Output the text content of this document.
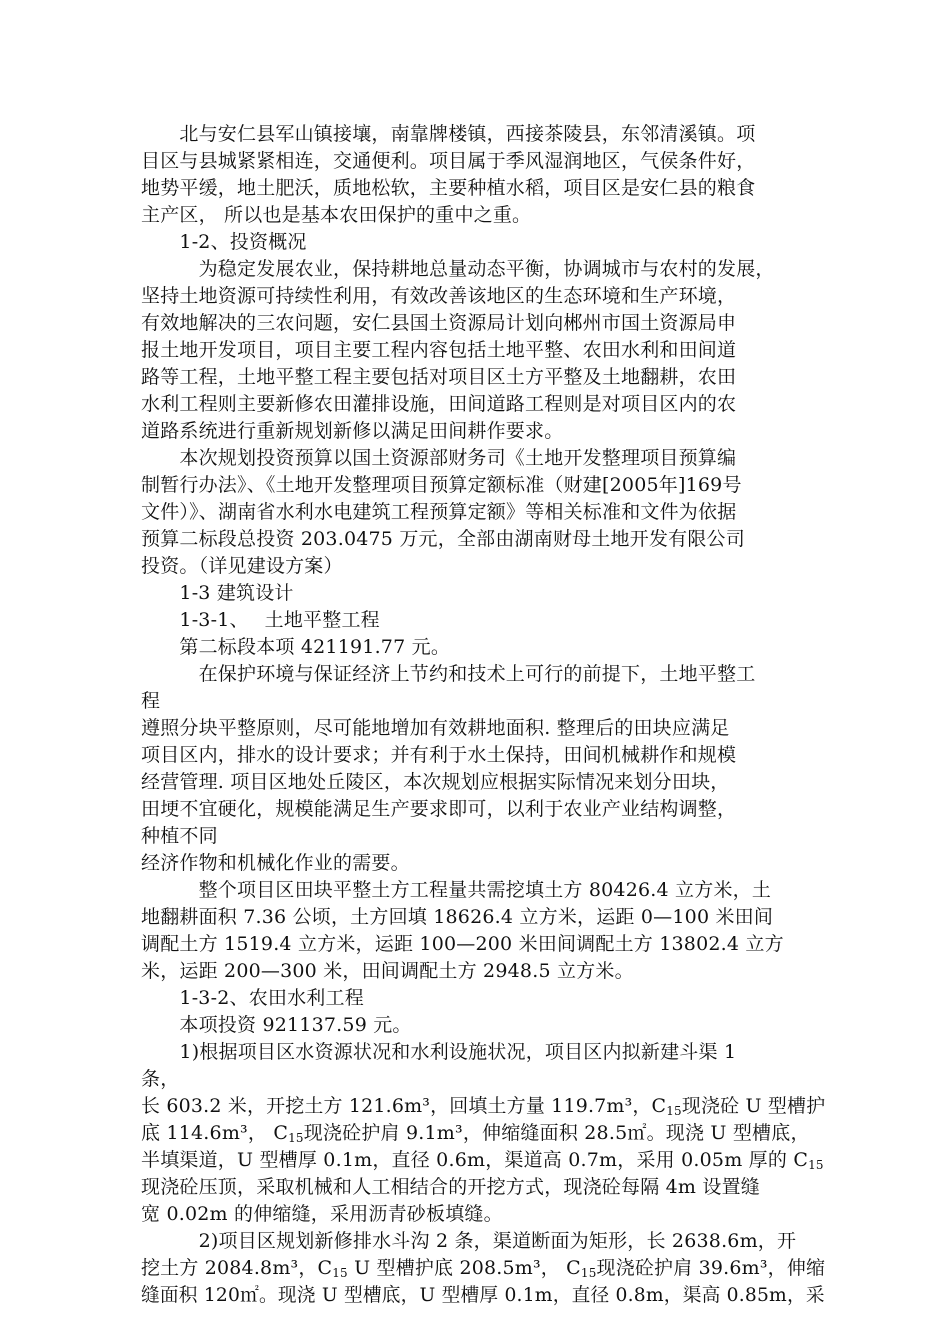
　　北与安仁县军山镇接壤，南靠牌楼镇，西接茶陵县，东邻清溪镇。项
目区与县城紧紧相连，交通便利。项目属于季风湿润地区，气侯条件好，
地势平缓，地土肥沃，质地松软，主要种植水稻，项目区是安仁县的粮食
主产区， 所以也是基本农田保护的重中之重。
　　1-2、投资概况
　　　为稳定发展农业，保持耕地总量动态平衡，协调城市与农村的发展，
坚持土地资源可持续性利用，有效改善该地区的生态环境和生产环境，
有效地解决的三农问题，安仁县国土资源局计划向郴州市国土资源局申
报土地开发项目，项目主要工程内容包括土地平整、农田水利和田间道
路等工程，土地平整工程主要包括对项目区土方平整及土地翻耕，农田
水利工程则主要新修农田灌排设施，田间道路工程则是对项目区内的农
道路系统进行重新规划新修以满足田间耕作要求。
　　本次规划投资预算以国土资源部财务司《土地开发整理项目预算编
制暂行办法》、《土地开发整理项目预算定额标准（财建[2005年]169号
文件）》、湖南省水利水电建筑工程预算定额》等相关标准和文件为依据
预算二标段总投资 203.0475 万元，全部由湖南财母土地开发有限公司
投资。（详见建设方案）
　　1-3 建筑设计
　　1-3-1、　 土地平整工程
　　第二标段本项 421191.77 元。
　　　在保护环境与保证经济上节约和技术上可行的前提下，土地平整工
程
遵照分块平整原则，尽可能地增加有效耕地面积. 整理后的田块应满足
项目区内，排水的设计要求；并有利于水土保持，田间机械耕作和规模
经营管理. 项目区地处丘陵区，本次规划应根据实际情况来划分田块，
田埂不宜硬化，规模能满足生产要求即可，以利于农业产业结构调整，
种植不同
经济作物和机械化作业的需要。
　　　整个项目区田块平整土方工程量共需挖填土方 80426.4 立方米，土
地翻耕面积 7.36 公顷，土方回填 18626.4 立方米，运距 0—100 米田间
调配土方 1519.4 立方米，运距 100—200 米田间调配土方 13802.4 立方
米，运距 200—300 米，田间调配土方 2948.5 立方米。
　　1-3-2、农田水利工程
　　本项投资 921137.59 元。
　　1)根据项目区水资源状况和水利设施状况，项目区内拟新建斗渠 1
条，
长 603.2 米，开挖土方 121.6m³，回填土方量 119.7m³，$C_{15}$现浇砼 U 型槽护
底 114.6m³， $C_{15}$现浇砼护肩 9.1m³，伸缩缝面积 28.5㎡。现浇 U 型槽底，
半填渠道，U 型槽厚 0.1m，直径 0.6m，渠道高 0.7m，采用 0.05m 厚的 $C_{15}$
现浇砼压顶，采取机械和人工相结合的开挖方式，现浇砼每隔 4m 设置缝
宽 0.02m 的伸缩缝，采用沥青砂板填缝。
　　　2)项目区规划新修排水斗沟 2 条，渠道断面为矩形，长 2638.6m，开
挖土方 2084.8m³，$C_{15}$ U 型槽护底 208.5m³， $C_{15}$现浇砼护肩 39.6m³，伸缩
缝面积 120㎡。现浇 U 型槽底，U 型槽厚 0.1m，直径 0.8m，渠高 0.85m，采
